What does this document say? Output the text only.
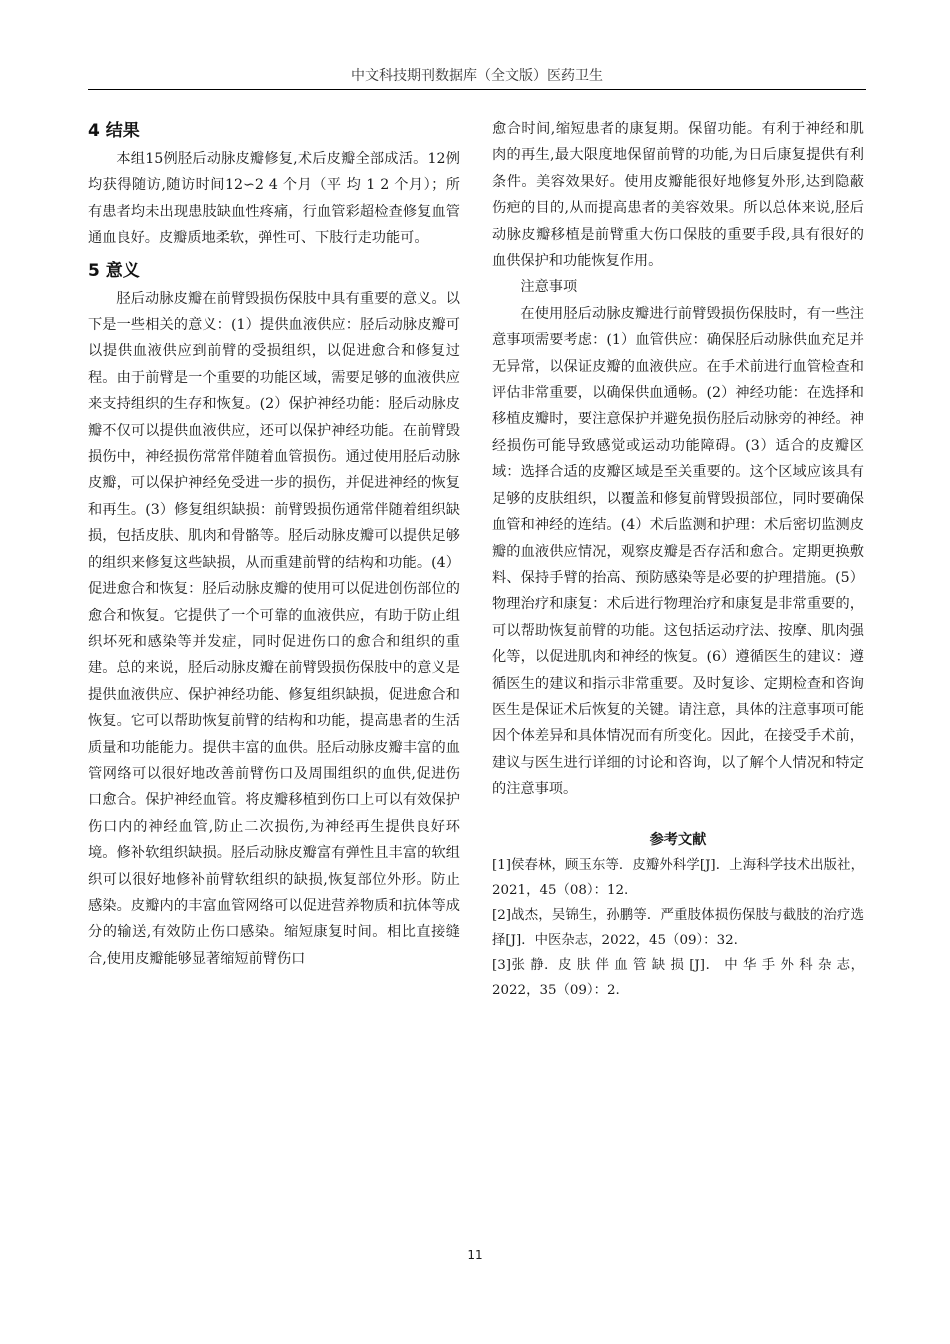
中文科技期刊数据库（全文版）医药卫生
4 结果

本组15例胫后动脉皮瓣修复,术后皮瓣全部成活。12例均获得随访,随访时间12∽2 4 个月（平 均 1 2 个月）；所有患者均未出现患肢缺血性疼痛，行血管彩超检查修复血管通血良好。皮瓣质地柔软，弹性可、下肢行走功能可。

5 意义

胫后动脉皮瓣在前臂毁损伤保肢中具有重要的意义。以下是一些相关的意义：(1）提供血液供应：胫后动脉皮瓣可以提供血液供应到前臂的受损组织，以促进愈合和修复过程。由于前臂是一个重要的功能区域，需要足够的血液供应来支持组织的生存和恢复。(2）保护神经功能：胫后动脉皮瓣不仅可以提供血液供应，还可以保护神经功能。在前臂毁损伤中，神经损伤常常伴随着血管损伤。通过使用胫后动脉皮瓣，可以保护神经免受进一步的损伤，并促进神经的恢复和再生。(3）修复组织缺损：前臂毁损伤通常伴随着组织缺损，包括皮肤、肌肉和骨骼等。胫后动脉皮瓣可以提供足够的组织来修复这些缺损，从而重建前臂的结构和功能。(4）促进愈合和恢复：胫后动脉皮瓣的使用可以促进创伤部位的愈合和恢复。它提供了一个可靠的血液供应，有助于防止组织坏死和感染等并发症，同时促进伤口的愈合和组织的重建。总的来说，胫后动脉皮瓣在前臂毁损伤保肢中的意义是提供血液供应、保护神经功能、修复组织缺损，促进愈合和恢复。它可以帮助恢复前臂的结构和功能，提高患者的生活质量和功能能力。提供丰富的血供。胫后动脉皮瓣丰富的血管网络可以很好地改善前臂伤口及周围组织的血供,促进伤口愈合。保护神经血管。将皮瓣移植到伤口上可以有效保护伤口内的神经血管,防止二次损伤,为神经再生提供良好环境。修补软组织缺损。胫后动脉皮瓣富有弹性且丰富的软组织可以很好地修补前臂软组织的缺损,恢复部位外形。防止感染。皮瓣内的丰富血管网络可以促进营养物质和抗体等成分的输送,有效防止伤口感染。缩短康复时间。相比直接缝合,使用皮瓣能够显著缩短前臂伤口

愈合时间,缩短患者的康复期。保留功能。有利于神经和肌肉的再生,最大限度地保留前臂的功能,为日后康复提供有利条件。美容效果好。使用皮瓣能很好地修复外形,达到隐蔽伤疤的目的,从而提高患者的美容效果。所以总体来说,胫后动脉皮瓣移植是前臂重大伤口保肢的重要手段,具有很好的血供保护和功能恢复作用。

注意事项

在使用胫后动脉皮瓣进行前臂毁损伤保肢时，有一些注意事项需要考虑：(1）血管供应：确保胫后动脉供血充足并无异常，以保证皮瓣的血液供应。在手术前进行血管检查和评估非常重要，以确保供血通畅。(2）神经功能：在选择和移植皮瓣时，要注意保护并避免损伤胫后动脉旁的神经。神经损伤可能导致感觉或运动功能障碍。(3）适合的皮瓣区域：选择合适的皮瓣区域是至关重要的。这个区域应该具有足够的皮肤组织，以覆盖和修复前臂毁损部位，同时要确保血管和神经的连结。(4）术后监测和护理：术后密切监测皮瓣的血液供应情况，观察皮瓣是否存活和愈合。定期更换敷料、保持手臂的抬高、预防感染等是必要的护理措施。(5）物理治疗和康复：术后进行物理治疗和康复是非常重要的，可以帮助恢复前臂的功能。这包括运动疗法、按摩、肌肉强化等，以促进肌肉和神经的恢复。(6）遵循医生的建议：遵循医生的建议和指示非常重要。及时复诊、定期检查和咨询医生是保证术后恢复的关键。请注意，具体的注意事项可能因个体差异和具体情况而有所变化。因此，在接受手术前，建议与医生进行详细的讨论和咨询，以了解个人情况和特定的注意事项。

参考文献

[1]侯春林，顾玉东等．皮瓣外科学[J]．上海科学技术出版社，2021，45（08）：12.

[2]战杰，吴锦生，孙鹏等．严重肢体损伤保肢与截肢的治疗选择[J]．中医杂志，2022，45（09）：32.

[3]张 静．皮 肤 伴 血 管 缺 损 [J]． 中 华 手 外 科 杂 志，2022，35（09）：2.

11
